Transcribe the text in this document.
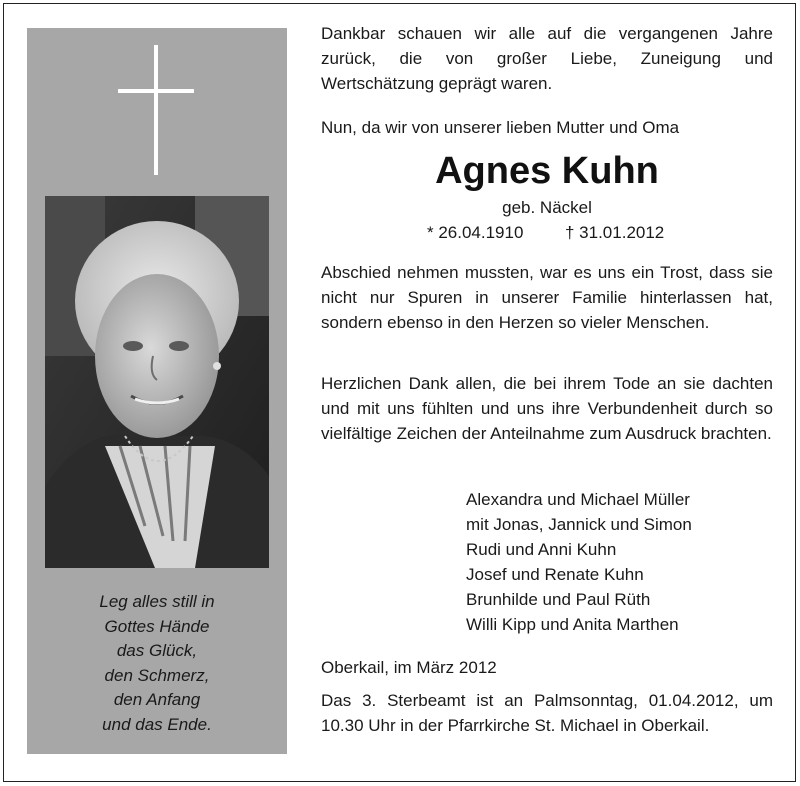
Leg alles still in
Gottes Hände
das Glück,
den Schmerz,
den Anfang
und das Ende.
Dankbar schauen wir alle auf die vergangenen Jahre zurück, die von großer Liebe, Zuneigung und Wertschätzung geprägt waren.
Nun, da wir von unserer lieben Mutter und Oma
Agnes Kuhn
geb. Näckel
* 26.04.1910 † 31.01.2012
Abschied nehmen mussten, war es uns ein Trost, dass sie nicht nur Spuren in unserer Familie hinterlassen hat, sondern ebenso in den Herzen so vieler Menschen.
Herzlichen Dank allen, die bei ihrem Tode an sie dachten und mit uns fühlten und uns ihre Verbundenheit durch so vielfältige Zeichen der Anteilnahme zum Ausdruck brachten.
Alexandra und Michael Müller
mit Jonas, Jannick und Simon
Rudi und Anni Kuhn
Josef und Renate Kuhn
Brunhilde und Paul Rüth
Willi Kipp und Anita Marthen
Oberkail, im März 2012
Das 3. Sterbeamt ist an Palmsonntag, 01.04.2012, um 10.30 Uhr in der Pfarrkirche St. Michael in Oberkail.
